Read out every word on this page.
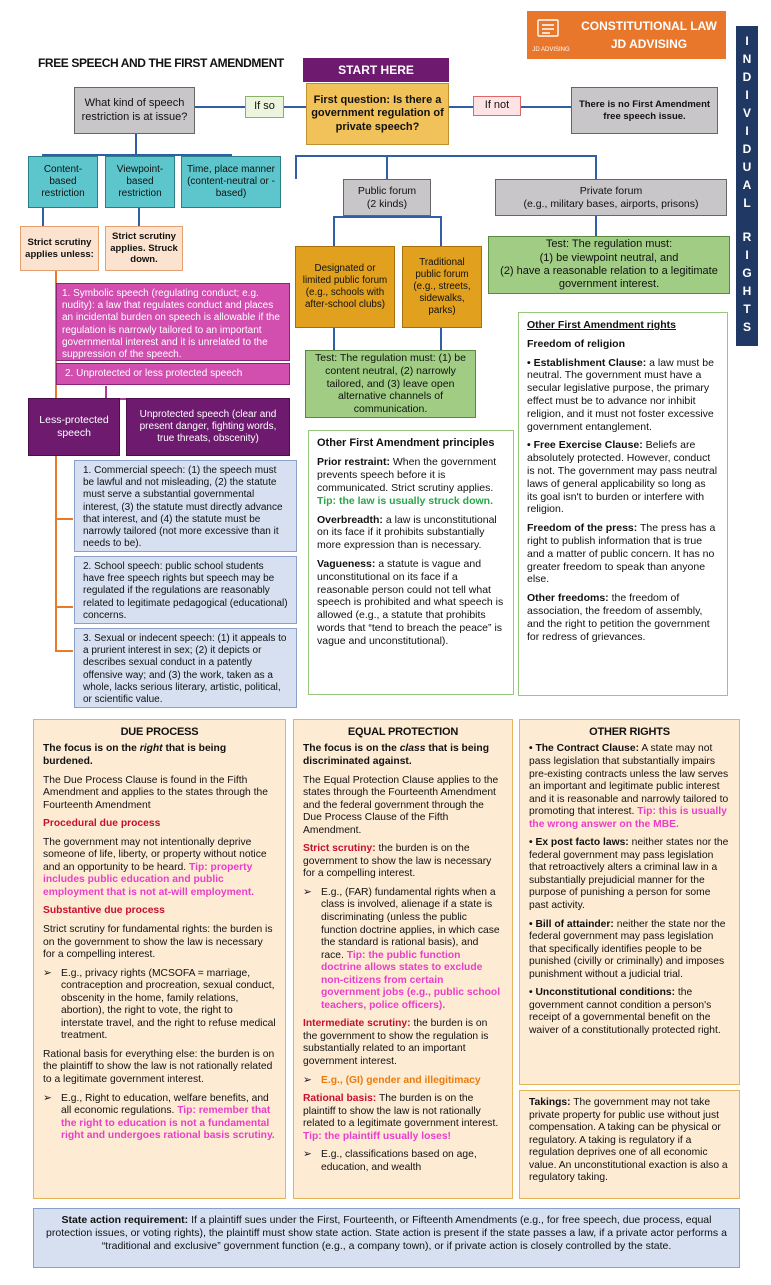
JD ADVISING
CONSTITUTIONAL LAW
JD ADVISING
FREE SPEECH AND THE FIRST AMENDMENT
I
N
D
I
V
I
D
U
A
L
R
I
G
H
T
S
START HERE
First question: Is there a government regulation of private speech?
What kind of speech restriction is at issue?
If so	If not	There is no First Amendment free speech issue.
Content-based restriction
Viewpoint-based restriction
Time, place manner (content-neutral or -based)	Public forum
(2 kinds)
Private forum
(e.g., military bases, airports, prisons)
Strict scrutiny applies unless:
Strict scrutiny applies. Struck down.
Designated or limited public forum (e.g., schools with after-school clubs)
Traditional public forum (e.g., streets, sidewalks, parks)
Test: The regulation must:
(1) be viewpoint neutral, and
(2) have a reasonable relation to a legitimate government interest.
Test: The regulation must: (1) be content neutral, (2) narrowly tailored, and (3) leave open alternative channels of communication.
1. Symbolic speech (regulating conduct; e.g. nudity): a law that regulates conduct and places an incidental burden on speech is allowable if the regulation is narrowly tailored to an important governmental interest and it is unrelated to the suppression of the speech.
2. Unprotected or less protected speech
Less-protected speech
Unprotected speech (clear and present danger, fighting words, true threats, obscenity)
1. Commercial speech: (1) the speech must be lawful and not misleading, (2) the statute must serve a substantial governmental interest, (3) the statute must directly advance that interest, and (4) the statute must be narrowly tailored (not more excessive than it needs to be).
2. School speech: public school students have free speech rights but speech may be regulated if the regulations are reasonably related to legitimate pedagogical (educational) concerns.
3. Sexual or indecent speech: (1) it appeals to a prurient interest in sex; (2) it depicts or describes sexual conduct in a patently offensive way; and (3) the work, taken as a whole, lacks serious literary, artistic, political, or scientific value.

Other First Amendment principles

Prior restraint: When the government prevents speech before it is communicated. Strict scrutiny applies. Tip: the law is usually struck down.

Overbreadth: a law is unconstitutional on its face if it prohibits substantially more expression than is necessary.

Vagueness: a statute is vague and unconstitutional on its face if a reasonable person could not tell what speech is prohibited and what speech is allowed (e.g., a statute that prohibits words that “tend to breach the peace” is vague and unconstitutional).

Other First Amendment rights

Freedom of religion

• Establishment Clause: a law must be neutral. The government must have a secular legislative purpose, the primary effect must be to advance nor inhibit religion, and it must not foster excessive government entanglement.

• Free Exercise Clause: Beliefs are absolutely protected. However, conduct is not. The government may pass neutral laws of general applicability so long as its goal isn't to burden or interfere with religion.

Freedom of the press: The press has a right to publish information that is true and a matter of public concern. It has no greater freedom to speak than anyone else.

Other freedoms: the freedom of association, the freedom of assembly, and the right to petition the government for redress of grievances.

DUE PROCESS

The focus is on the right that is being burdened.

The Due Process Clause is found in the Fifth Amendment and applies to the states through the Fourteenth Amendment

Procedural due process

The government may not intentionally deprive someone of life, liberty, or property without notice and an opportunity to be heard. Tip: property includes public education and public employment that is not at-will employment.

Substantive due process

Strict scrutiny for fundamental rights: the burden is on the government to show the law is necessary for a compelling interest.

➢ E.g., privacy rights (MCSOFA = marriage, contraception and procreation, sexual conduct, obscenity in the home, family relations, abortion), the right to vote, the right to interstate travel, and the right to refuse medical treatment.

Rational basis for everything else: the burden is on the plaintiff to show the law is not rationally related to a legitimate government interest.

➢ E.g., Right to education, welfare benefits, and all economic regulations. Tip: remember that the right to education is not a fundamental right and undergoes rational basis scrutiny.
EQUAL PROTECTION

The focus is on the class that is being discriminated against.

The Equal Protection Clause applies to the states through the Fourteenth Amendment and the federal government through the Due Process Clause of the Fifth Amendment.

Strict scrutiny: the burden is on the government to show the law is necessary for a compelling interest.

➢ E.g., (FAR) fundamental rights when a class is involved, alienage if a state is discriminating (unless the public function doctrine applies, in which case the standard is rational basis), and race. Tip: the public function doctrine allows states to exclude non-citizens from certain government jobs (e.g., public school teachers, police officers).

Intermediate scrutiny: the burden is on the government to show the regulation is substantially related to an important government interest.

➢ E.g., (GI) gender and illegitimacy

Rational basis: The burden is on the plaintiff to show the law is not rationally related to a legitimate government interest. Tip: the plaintiff usually loses!

➢ E.g., classifications based on age, education, and wealth
OTHER RIGHTS

• The Contract Clause: A state may not pass legislation that substantially impairs pre-existing contracts unless the law serves an important and legitimate public interest and it is reasonable and narrowly tailored to promoting that interest. Tip: this is usually the wrong answer on the MBE.

• Ex post facto laws: neither states nor the federal government may pass legislation that retroactively alters a criminal law in a substantially prejudicial manner for the purpose of punishing a person for some past activity.

• Bill of attainder: neither the state nor the federal government may pass legislation that specifically identifies people to be punished (civilly or criminally) and imposes punishment without a judicial trial.

• Unconstitutional conditions: the government cannot condition a person's receipt of a governmental benefit on the waiver of a constitutionally protected right.

Takings: The government may not take private property for public use without just compensation. A taking can be physical or regulatory. A taking is regulatory if a regulation deprives one of all economic value. An unconstitutional exaction is also a regulatory taking.

State action requirement: If a plaintiff sues under the First, Fourteenth, or Fifteenth Amendments (e.g., for free speech, due process, equal protection issues, or voting rights), the plaintiff must show state action. State action is present if the state passes a law, if a private actor performs a “traditional and exclusive” government function (e.g., a company town), or if private action is closely controlled by the state.
